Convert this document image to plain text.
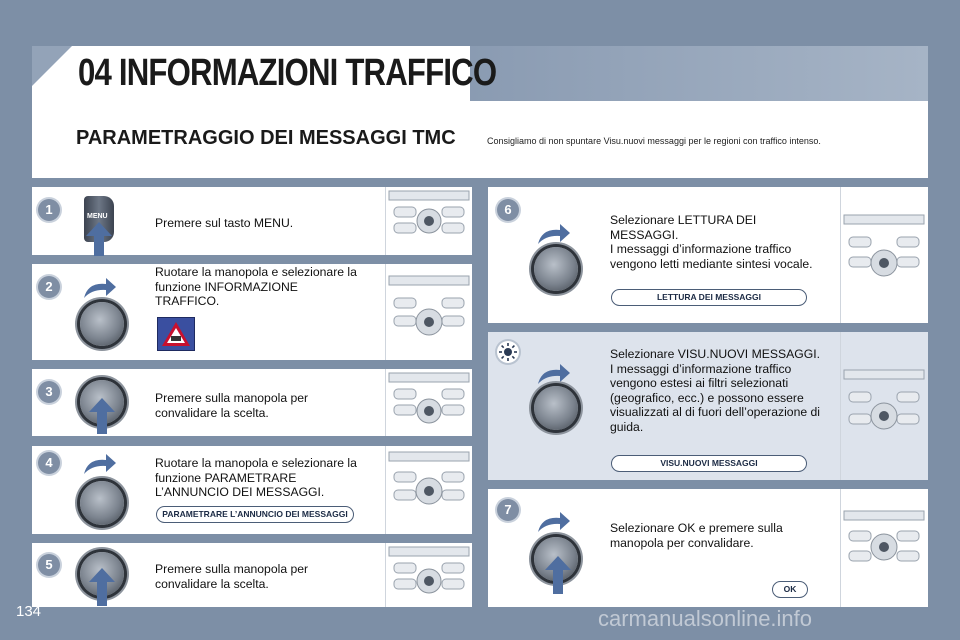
04 INFORMAZIONI TRAFFICO
PARAMETRAGGIO DEI MESSAGGI TMC	Consigliamo di non spuntare Visu.nuovi messaggi per le regioni con traffico intenso.
1	MENU	Premere sul tasto MENU.
2
Ruotare la manopola e selezionare la funzione INFORMAZIONE TRAFFICO.
3	Premere sulla manopola per convalidare la scelta.
4	Ruotare la manopola e selezionare la funzione PARAMETRARE L’ANNUNCIO DEI MESSAGGI.
PARAMETRARE L’ANNUNCIO DEI MESSAGGI
5	Premere sulla manopola per convalidare la scelta.
6
Selezionare LETTURA DEI MESSAGGI.
I messaggi d’informazione traffico vengono letti mediante sintesi vocale.
LETTURA DEI MESSAGGI
Selezionare VISU.NUOVI MESSAGGI.
I messaggi d’informazione traffico vengono estesi ai filtri selezionati (geografico, ecc.) e possono essere visualizzati al di fuori dell’operazione di guida.
VISU.NUOVI MESSAGGI
7
Selezionare OK e premere sulla manopola per convalidare.
OK
134	carmanualsonline.info
